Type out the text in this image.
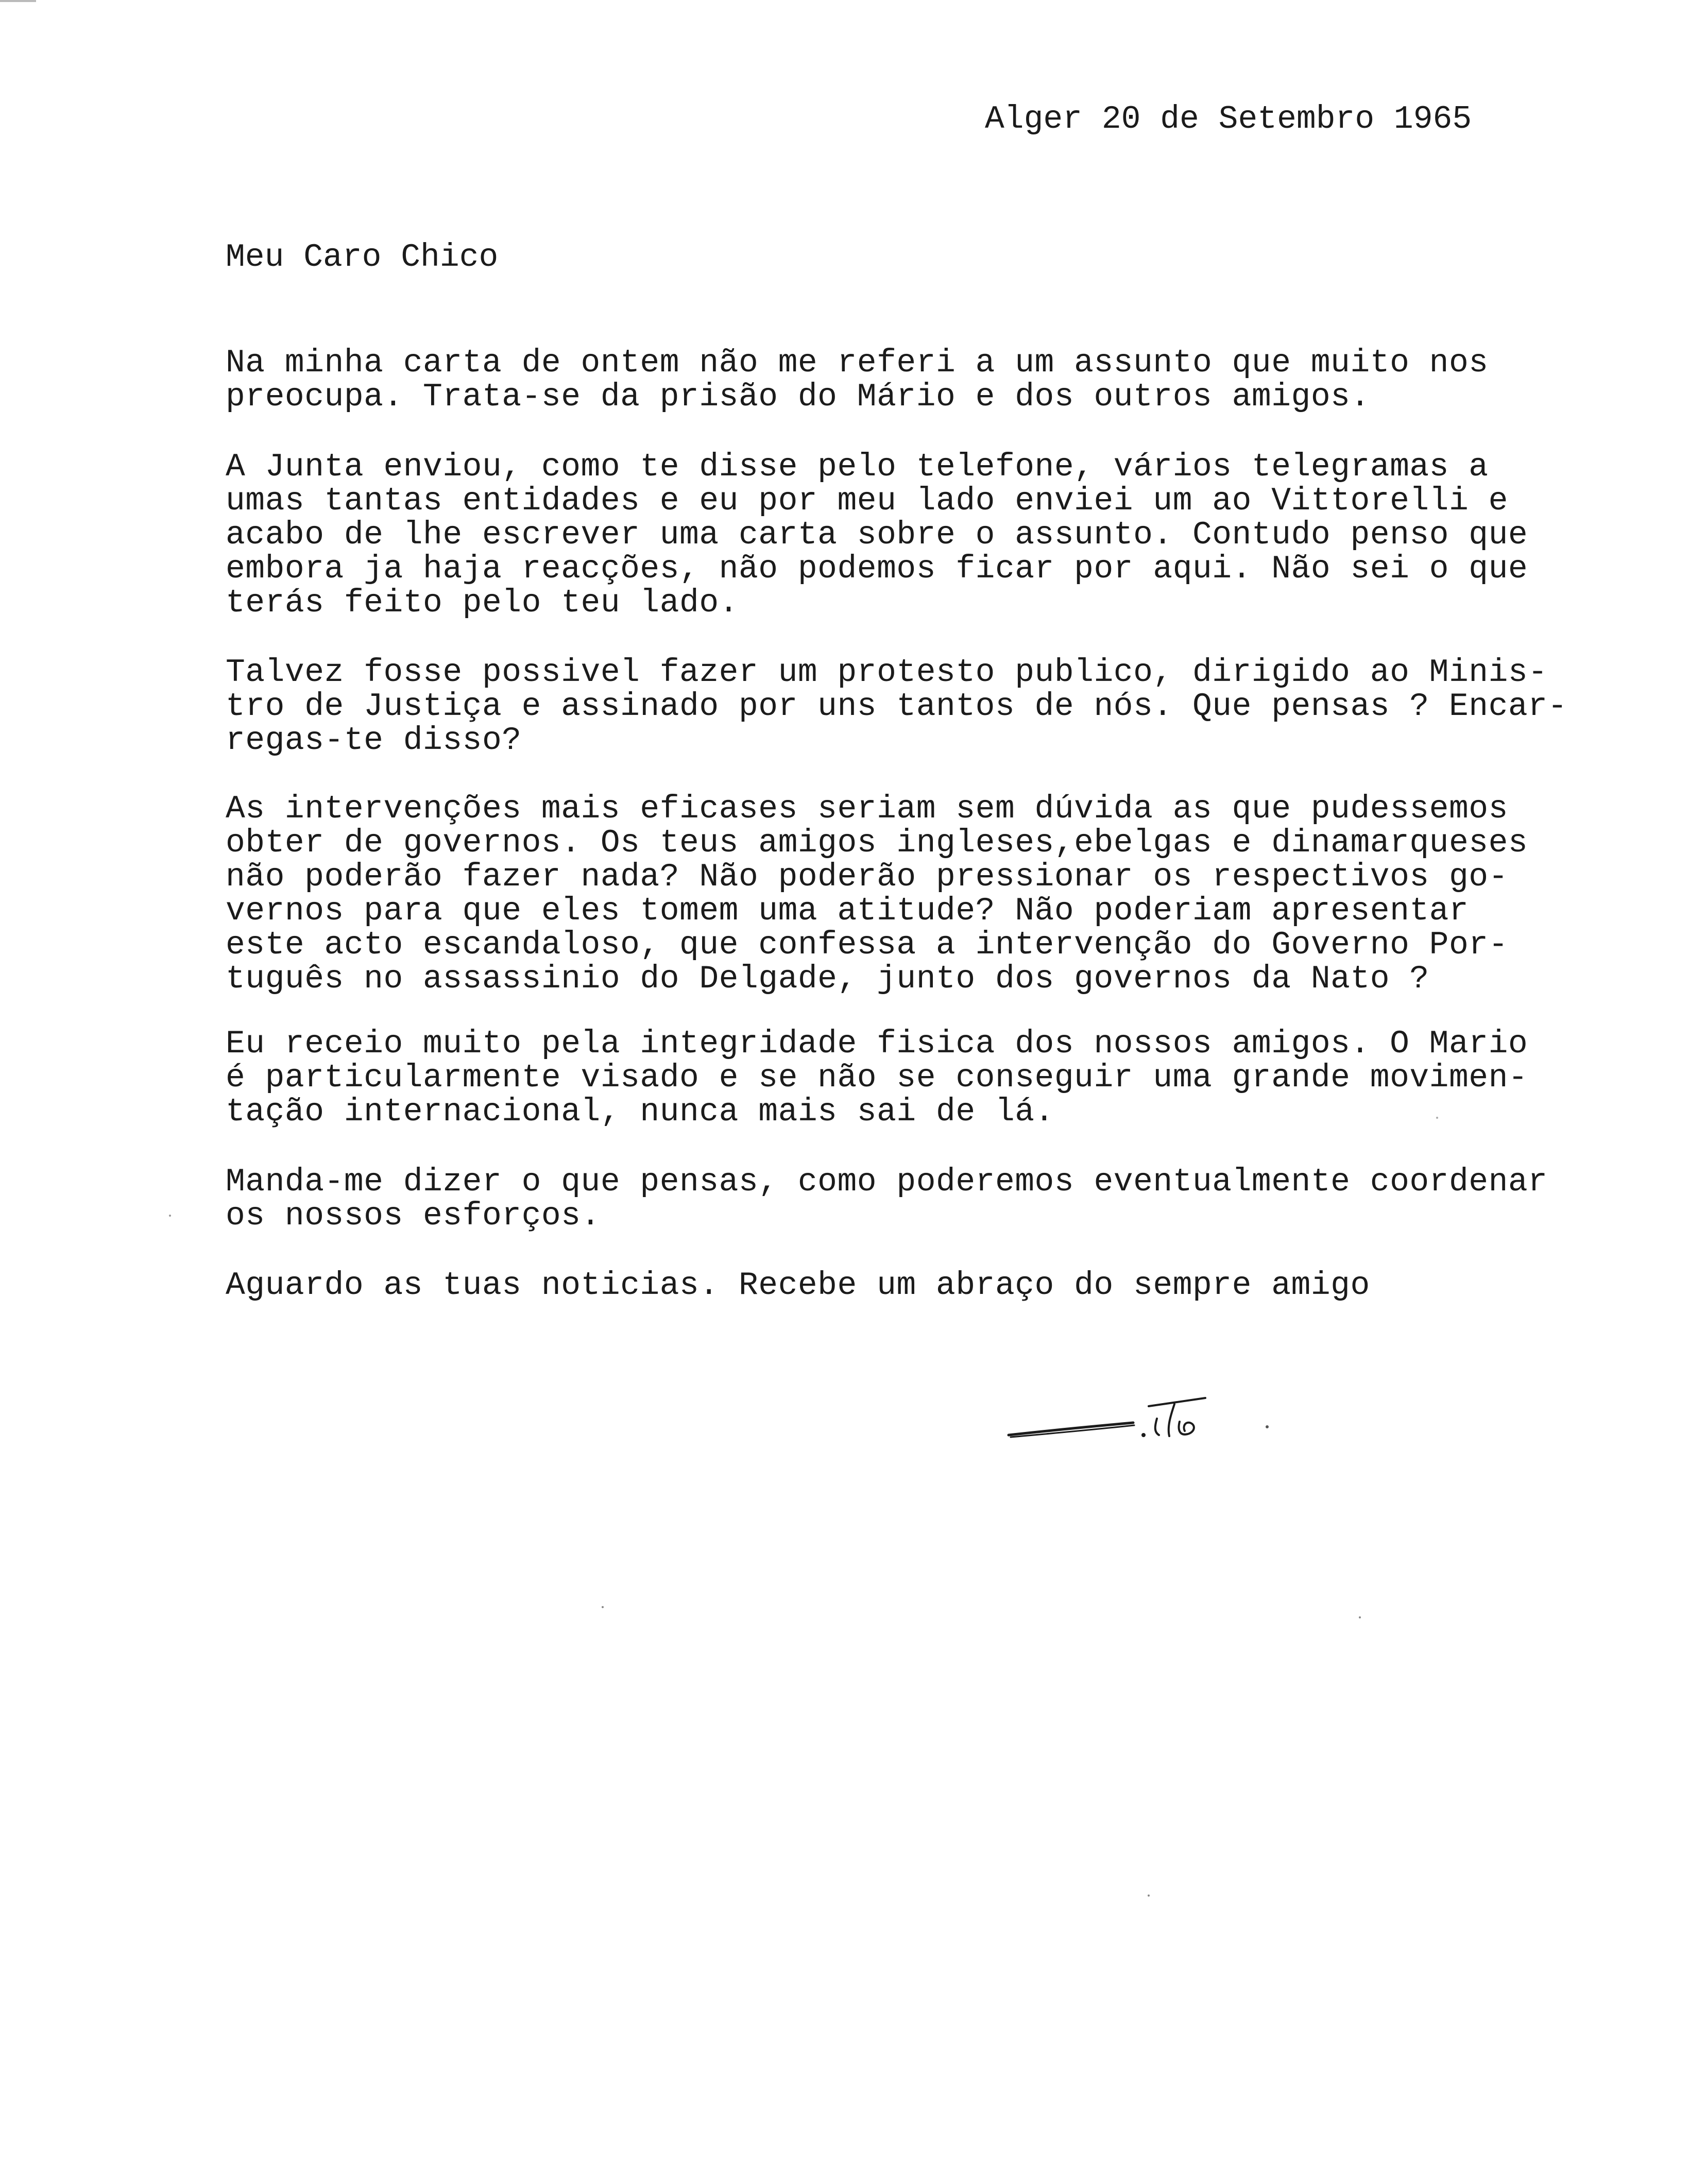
Alger 20 de Setembro 1965
Meu Caro Chico
Na minha carta de ontem não me referi a um assunto que muito nos
preocupa. Trata-se da prisão do Mário e dos outros amigos.
A Junta enviou, como te disse pelo telefone, vários telegramas a
umas tantas entidades e eu por meu lado enviei um ao Vittorelli e
acabo de lhe escrever uma carta sobre o assunto. Contudo penso que
embora ja haja reacções, não podemos ficar por aqui. Não sei o que
terás feito pelo teu lado.
Talvez fosse possivel fazer um protesto publico, dirigido ao Minis-
tro de Justiça e assinado por uns tantos de nós. Que pensas ? Encar-
regas-te disso?
As intervenções mais eficases seriam sem dúvida as que pudessemos
obter de governos. Os teus amigos ingleses,ebelgas e dinamarqueses
não poderão fazer nada? Não poderão pressionar os respectivos go-
vernos para que eles tomem uma atitude? Não poderiam apresentar
este acto escandaloso, que confessa a intervenção do Governo Por-
tuguês no assassinio do Delgade, junto dos governos da Nato ?
Eu receio muito pela integridade fisica dos nossos amigos. O Mario
é particularmente visado e se não se conseguir uma grande movimen-
tação internacional, nunca mais sai de lá.
Manda-me dizer o que pensas, como poderemos eventualmente coordenar
os nossos esforços.
Aguardo as tuas noticias. Recebe um abraço do sempre amigo
